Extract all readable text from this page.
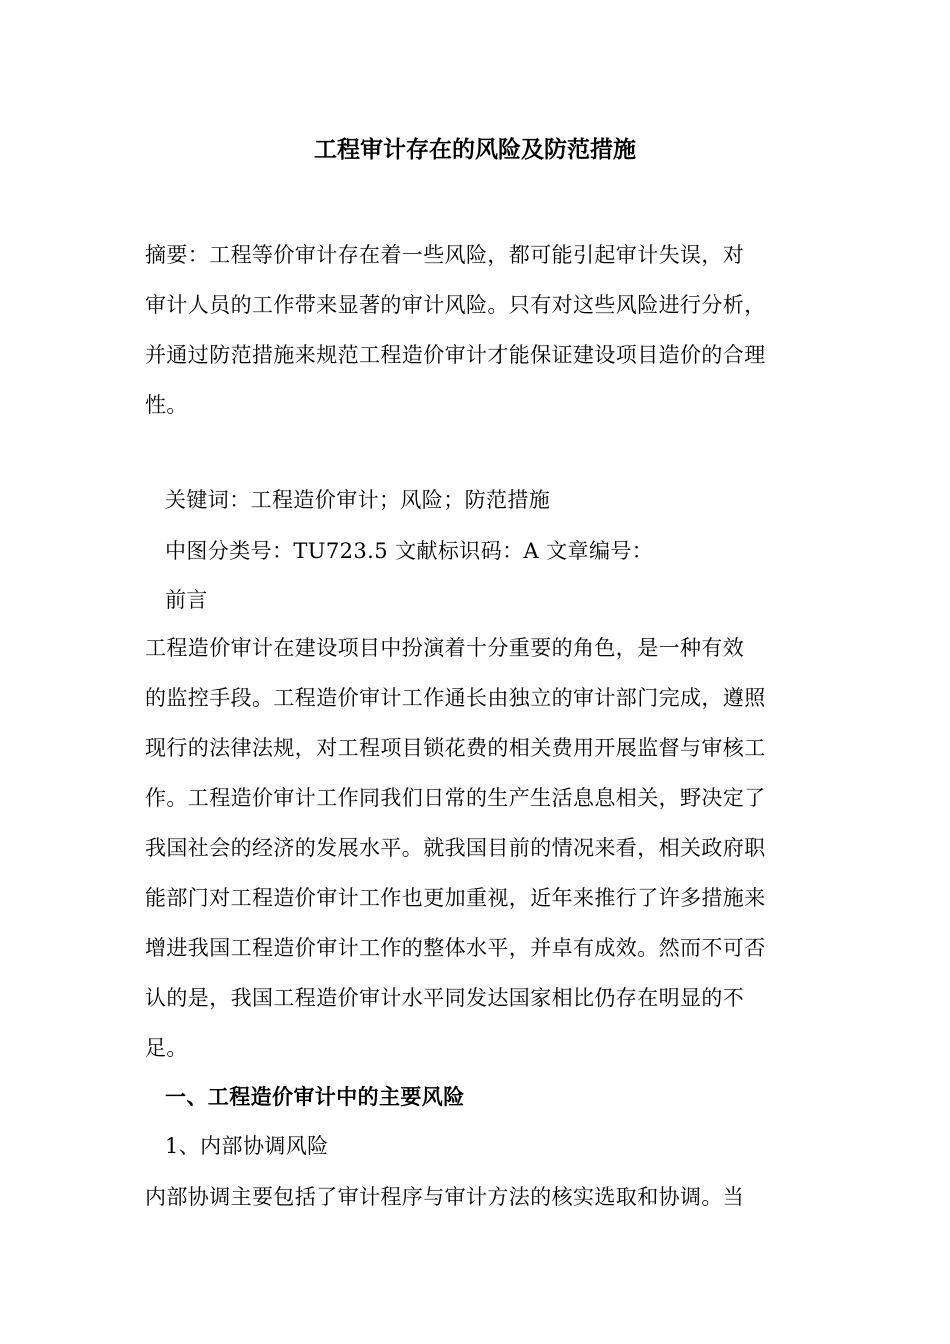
工程审计存在的风险及防范措施
摘要：工程等价审计存在着一些风险，都可能引起审计失误，对
审计人员的工作带来显著的审计风险。只有对这些风险进行分析，
并通过防范措施来规范工程造价审计才能保证建设项目造价的合理
性。
关键词：工程造价审计；风险；防范措施
中图分类号：TU723.5 文献标识码：A 文章编号：
前言
工程造价审计在建设项目中扮演着十分重要的角色，是一种有效
的监控手段。工程造价审计工作通长由独立的审计部门完成，遵照
现行的法律法规，对工程项目锁花费的相关费用开展监督与审核工
作。工程造价审计工作同我们日常的生产生活息息相关，野决定了
我国社会的经济的发展水平。就我国目前的情况来看，相关政府职
能部门对工程造价审计工作也更加重视，近年来推行了许多措施来
增进我国工程造价审计工作的整体水平，并卓有成效。然而不可否
认的是，我国工程造价审计水平同发达国家相比仍存在明显的不
足。
一、工程造价审计中的主要风险
1、内部协调风险
内部协调主要包括了审计程序与审计方法的核实选取和协调。当
